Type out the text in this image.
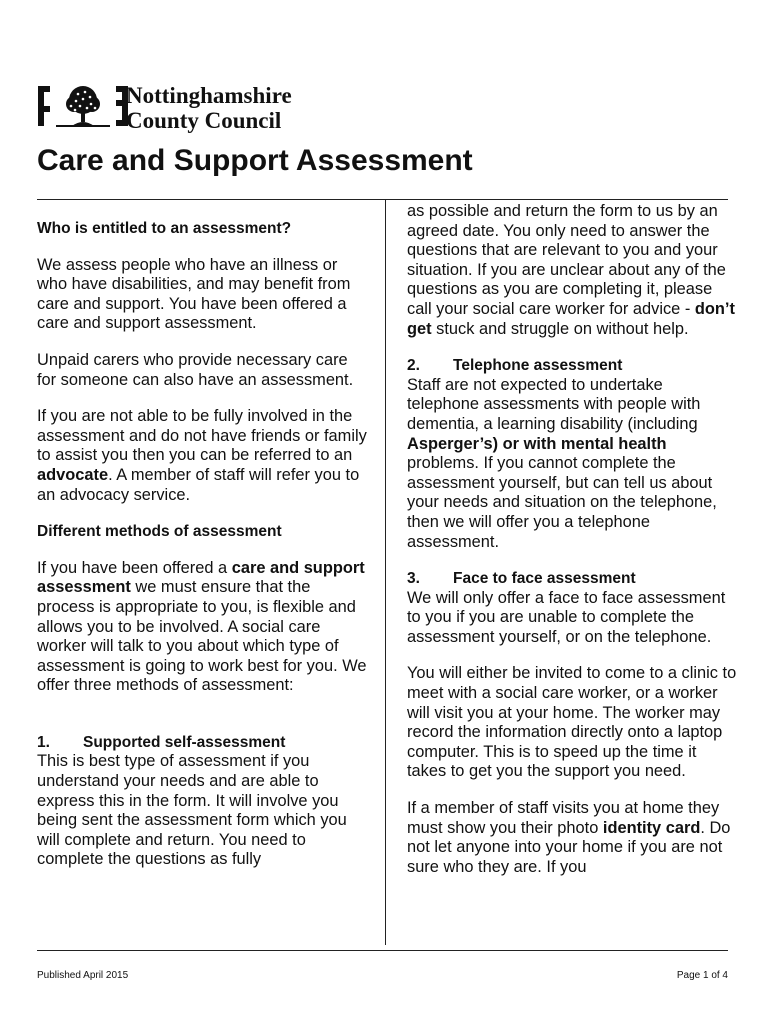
Nottinghamshire
County Council
Care and Support Assessment
Who is entitled to an assessment?

We assess people who have an illness or who have disabilities, and may benefit from care and support. You have been offered a care and support assessment.

Unpaid carers who provide necessary care for someone can also have an assessment.

If you are not able to be fully involved in the assessment and do not have friends or family to assist you then you can be referred to an advocate. A member of staff will refer you to an advocacy service.

Different methods of assessment

If you have been offered a care and support assessment we must ensure that the process is appropriate to you, is flexible and allows you to be involved. A social care worker will talk to you about which type of assessment is going to work best for you. We offer three methods of assessment:

1. Supported self-assessment

This is best type of assessment if you understand your needs and are able to express this in the form. It will involve you being sent the assessment form which you will complete and return. You need to complete the questions as fully

as possible and return the form to us by an agreed date. You only need to answer the questions that are relevant to you and your situation. If you are unclear about any of the questions as you are completing it, please call your social care worker for advice - don’t get stuck and struggle on without help.

2. Telephone assessment

Staff are not expected to undertake telephone assessments with people with dementia, a learning disability (including Asperger’s) or with mental health problems. If you cannot complete the assessment yourself, but can tell us about your needs and situation on the telephone, then we will offer you a telephone assessment.

3. Face to face assessment

We will only offer a face to face assessment to you if you are unable to complete the assessment yourself, or on the telephone.

You will either be invited to come to a clinic to meet with a social care worker, or a worker will visit you at your home. The worker may record the information directly onto a laptop computer. This is to speed up the time it takes to get you the support you need.

If a member of staff visits you at home they must show you their photo identity card. Do not let anyone into your home if you are not sure who they are. If you

Published April 2015	Page 1 of 4
